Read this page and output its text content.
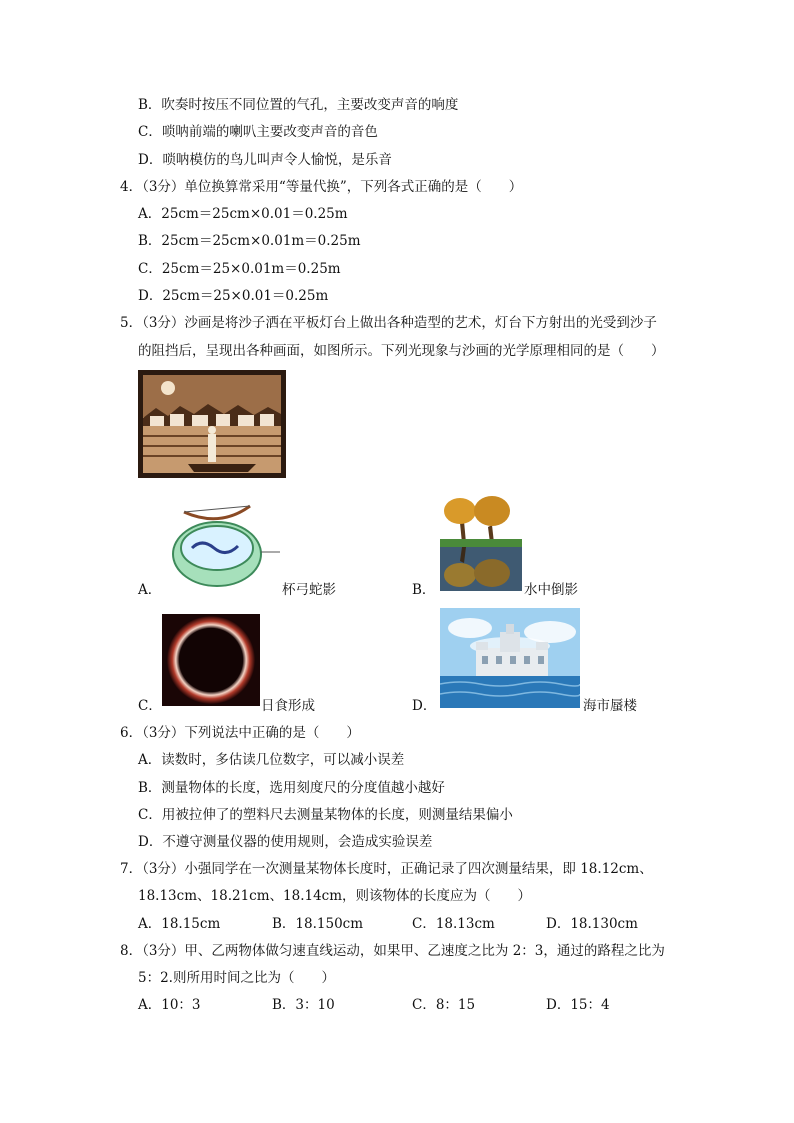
B．吹奏时按压不同位置的气孔，主要改变声音的响度
C．唢呐前端的喇叭主要改变声音的音色
D．唢呐模仿的鸟儿叫声令人愉悦，是乐音
4．（3分）单位换算常采用“等量代换”，下列各式正确的是（　　）
A．25cm＝25cm×0.01＝0.25m
B．25cm＝25cm×0.01m＝0.25m
C．25cm＝25×0.01m＝0.25m
D．25cm＝25×0.01＝0.25m
5．（3分）沙画是将沙子洒在平板灯台上做出各种造型的艺术，灯台下方射出的光受到沙子
的阻挡后，呈现出各种画面，如图所示。下列光现象与沙画的光学原理相同的是（　　）
A．	杯弓蛇影	B．	水中倒影
C．	日食形成	D．	海市蜃楼
6．（3分）下列说法中正确的是（　　）
A．读数时，多估读几位数字，可以减小误差
B．测量物体的长度，选用刻度尺的分度值越小越好
C．用被拉伸了的塑料尺去测量某物体的长度，则测量结果偏小
D．不遵守测量仪器的使用规则，会造成实验误差
7．（3分）小强同学在一次测量某物体长度时，正确记录了四次测量结果，即 18.12cm、
18.13cm、18.21cm、18.14cm，则该物体的长度应为（　　）
A．18.15cm	B．18.150cm	C．18.13cm	D．18.130cm
8．（3分）甲、乙两物体做匀速直线运动，如果甲、乙速度之比为 2：3，通过的路程之比为
5：2.则所用时间之比为（　　）
A．10：3	B．3：10	C．8：15	D．15：4
